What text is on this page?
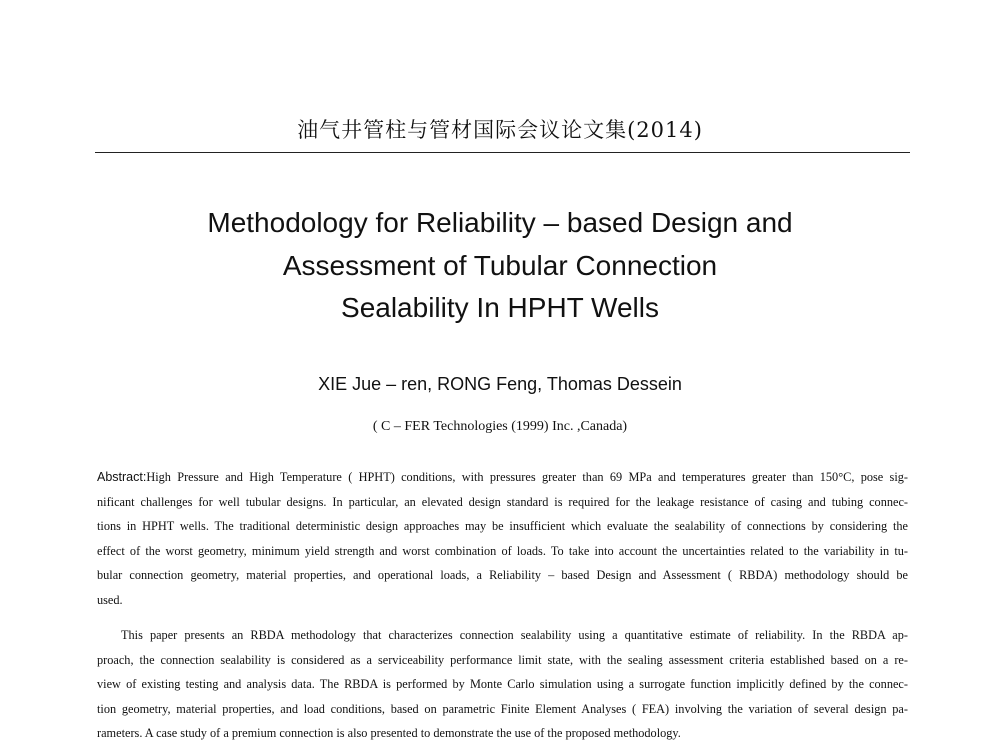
油气井管柱与管材国际会议论文集(2014)
Methodology for Reliability – based Design and
Assessment of Tubular Connection
Sealability In HPHT Wells
XIE Jue – ren, RONG Feng, Thomas Dessein
( C – FER Technologies (1999) Inc. ,Canada)
Abstract:High Pressure and High Temperature ( HPHT) conditions, with pressures greater than 69 MPa and temperatures greater than 150°C, pose sig-
nificant challenges for well tubular designs. In particular, an elevated design standard is required for the leakage resistance of casing and tubing connec-
tions in HPHT wells. The traditional deterministic design approaches may be insufficient which evaluate the sealability of connections by considering the
effect of the worst geometry, minimum yield strength and worst combination of loads. To take into account the uncertainties related to the variability in tu-
bular connection geometry, material properties, and operational loads, a Reliability – based Design and Assessment ( RBDA) methodology should be
used.
This paper presents an RBDA methodology that characterizes connection sealability using a quantitative estimate of reliability. In the RBDA ap-
proach, the connection sealability is considered as a serviceability performance limit state, with the sealing assessment criteria established based on a re-
view of existing testing and analysis data. The RBDA is performed by Monte Carlo simulation using a surrogate function implicitly defined by the connec-
tion geometry, material properties, and load conditions, based on parametric Finite Element Analyses ( FEA) involving the variation of several design pa-
rameters. A case study of a premium connection is also presented to demonstrate the use of the proposed methodology.
